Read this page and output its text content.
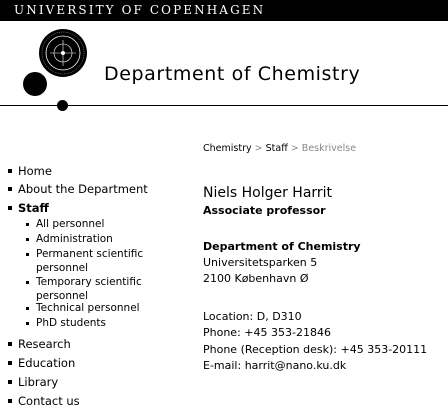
UNIVERSITY OF COPENHAGEN
Department of Chemistry
Home
About the Department
Staff
All personnel
Administration
Permanent scientific personnel
Temporary scientific personnel
Technical personnel
PhD students
Research
Education
Library
Contact us
Chemistry > Staff > Beskrivelse
Niels Holger Harrit
Associate professor
Department of Chemistry
Universitetsparken 5
2100 København Ø
Location: D, D310
Phone: +45 353-21846
Phone (Reception desk): +45 353-20111
E-mail: harrit@nano.ku.dk
